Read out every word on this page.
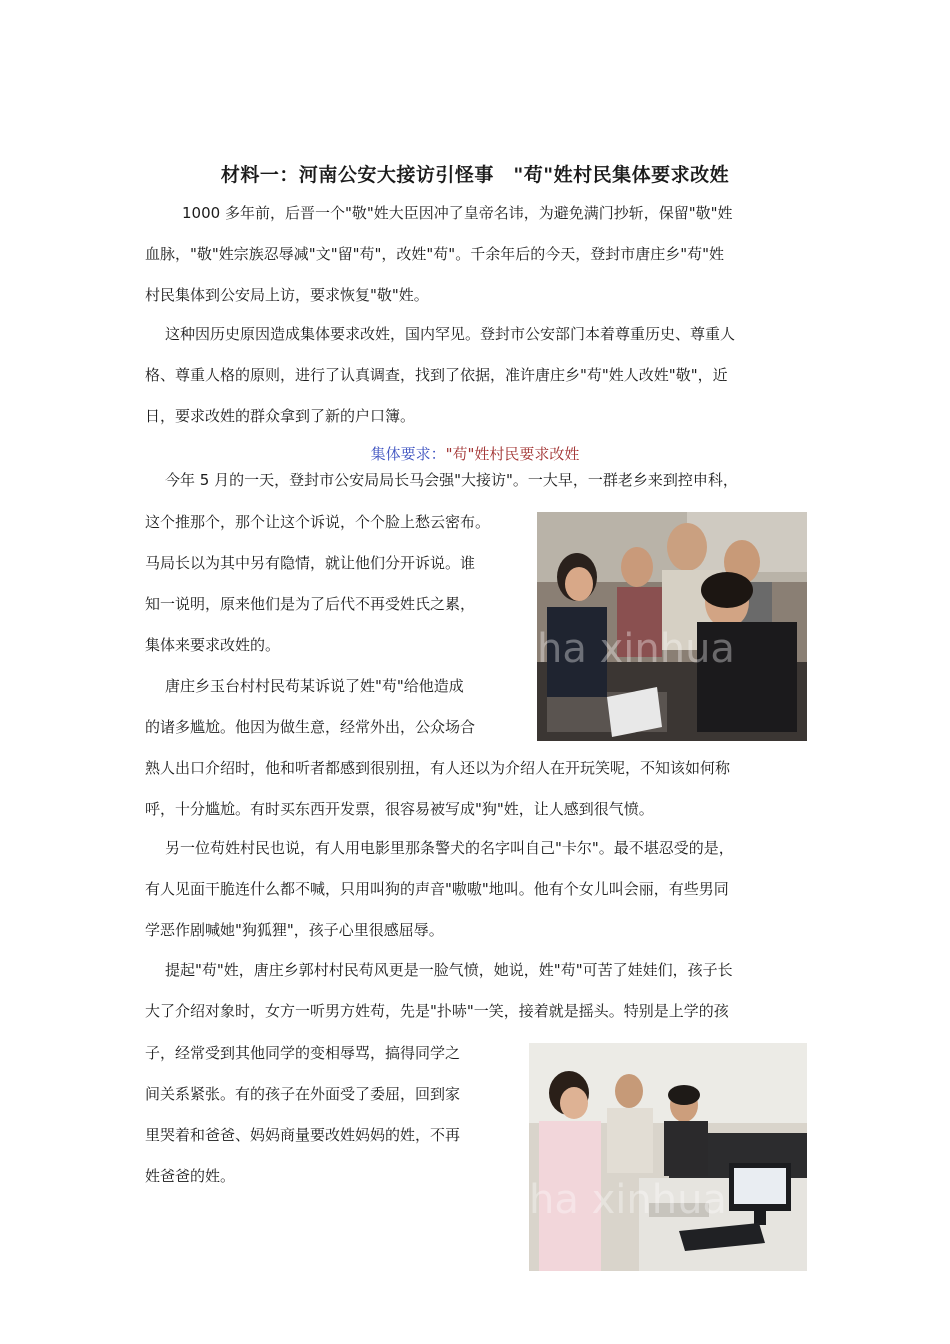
材料一：河南公安大接访引怪事　"苟"姓村民集体要求改姓
1000 多年前，后晋一个"敬"姓大臣因冲了皇帝名讳，为避免满门抄斩，保留"敬"姓
血脉，"敬"姓宗族忍辱减"文"留"苟"，改姓"苟"。千余年后的今天，登封市唐庄乡"苟"姓
村民集体到公安局上访，要求恢复"敬"姓。
这种因历史原因造成集体要求改姓，国内罕见。登封市公安部门本着尊重历史、尊重人
格、尊重人格的原则，进行了认真调查，找到了依据，准许唐庄乡"苟"姓人改姓"敬"，近
日，要求改姓的群众拿到了新的户口簿。
集体要求："苟"姓村民要求改姓
今年 5 月的一天，登封市公安局局长马会强"大接访"。一大早，一群老乡来到控申科，
这个推那个，那个让这个诉说，个个脸上愁云密布。
马局长以为其中另有隐情，就让他们分开诉说。谁
知一说明，原来他们是为了后代不再受姓氏之累，
集体来要求改姓的。
唐庄乡玉台村村民苟某诉说了姓"苟"给他造成
的诸多尴尬。他因为做生意，经常外出，公众场合
熟人出口介绍时，他和听者都感到很别扭，有人还以为介绍人在开玩笑呢，不知该如何称
呼，十分尴尬。有时买东西开发票，很容易被写成"狗"姓，让人感到很气愤。
另一位苟姓村民也说，有人用电影里那条警犬的名字叫自己"卡尔"。最不堪忍受的是，
有人见面干脆连什么都不喊，只用叫狗的声音"嗷嗷"地叫。他有个女儿叫会丽，有些男同
学恶作剧喊她"狗狐狸"，孩子心里很感屈辱。
提起"苟"姓，唐庄乡郭村村民苟风更是一脸气愤，她说，姓"苟"可苦了娃娃们，孩子长
大了介绍对象时，女方一听男方姓苟，先是"扑哧"一笑，接着就是摇头。特别是上学的孩
子，经常受到其他同学的变相辱骂，搞得同学之
间关系紧张。有的孩子在外面受了委屈，回到家
里哭着和爸爸、妈妈商量要改姓妈妈的姓，不再
姓爸爸的姓。
ha xinhua
ha xinhua
